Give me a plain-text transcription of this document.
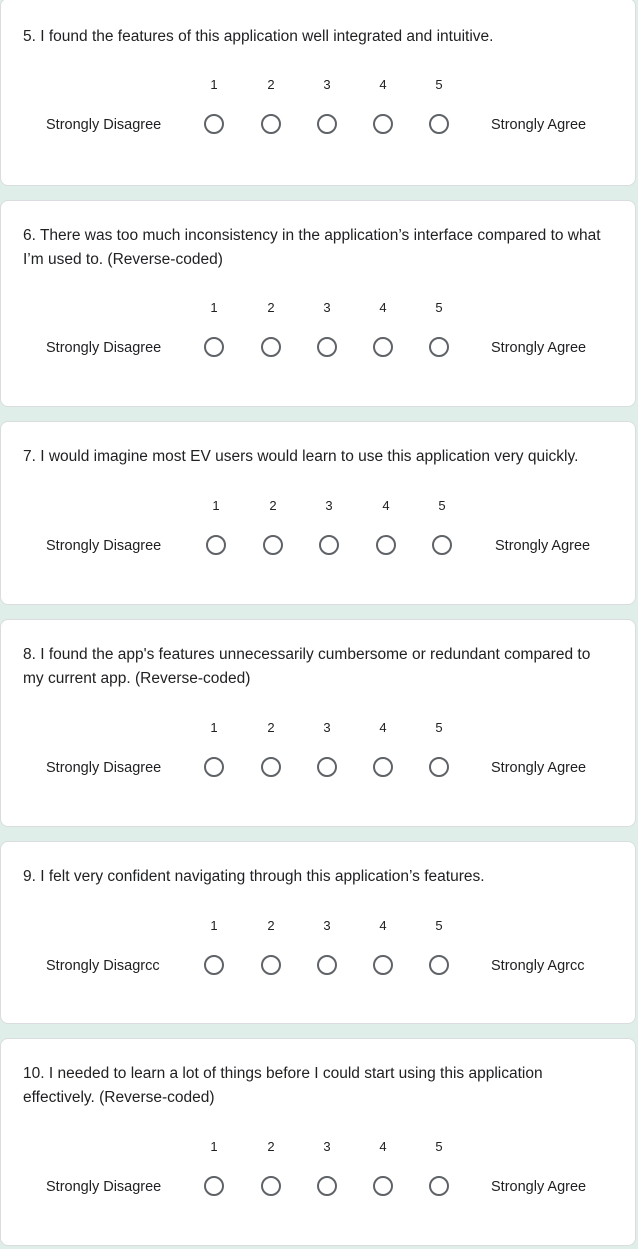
5. I found the features of this application well integrated and intuitive.
Strongly Disagree
1	2	3	4	5
Strongly Agree
6. There was too much inconsistency in the application’s interface compared to what I’m used to. (Reverse-coded)
Strongly Disagree
1	2	3	4	5
Strongly Agree
7. I would imagine most EV users would learn to use this application very quickly.
Strongly Disagree
1	2	3	4	5
Strongly Agree
8. I found the app's features unnecessarily cumbersome or redundant compared to my current app. (Reverse-coded)
Strongly Disagree
1	2	3	4	5
Strongly Agree
9. I felt very confident navigating through this application’s features.
Strongly Disagrcc
1	2	3	4	5
Strongly Agrcc
10. I needed to learn a lot of things before I could start using this application effectively. (Reverse-coded)
Strongly Disagree
1	2	3	4	5
Strongly Agree
